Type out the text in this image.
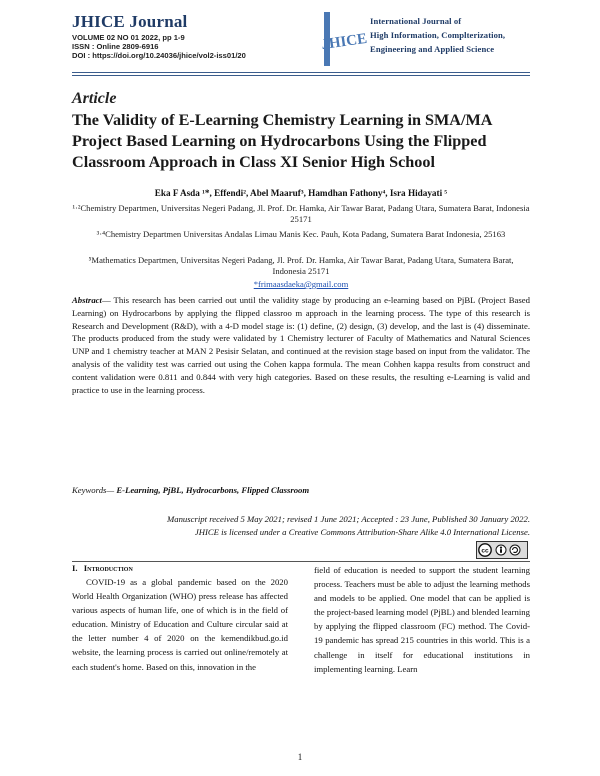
JHICE Journal
VOLUME 02 NO 01 2022, pp 1-9
ISSN : Online 2809-6916
DOI : https://doi.org/10.24036/jhice/vol2-iss01/20
JHICE
International Journal of
High Information, Complterization,
Engineering and Applied Science
Article
The Validity of E-Learning Chemistry Learning in SMA/MA Project Based Learning on Hydrocarbons Using the Flipped Classroom Approach in Class XI Senior High School
Eka F Asda ¹*, Effendi², Abel Maaruf³, Hamdhan Fathony⁴, Isra Hidayati ⁵
¹·²Chemistry Departmen, Universitas Negeri Padang, Jl. Prof. Dr. Hamka, Air Tawar Barat, Padang Utara, Sumatera Barat, Indonesia 25171
³·⁴Chemistry Departmen Universitas Andalas Limau Manis Kec. Pauh, Kota Padang, Sumatera Barat Indonesia, 25163
⁵Mathematics Departmen, Universitas Negeri Padang, Jl. Prof. Dr. Hamka, Air Tawar Barat, Padang Utara, Sumatera Barat, Indonesia 25171
*frimaasdaeka@gmail.com
Abstract— This research has been carried out until the validity stage by producing an e-learning based on PjBL (Project Based Learning) on Hydrocarbons by applying the flipped classroo m approach in the learning process. The type of this research is Research and Development (R&D), with a 4-D model stage is: (1) define, (2) design, (3) develop, and the last is (4) disseminate. The products produced from the study were validated by 1 Chemistry lecturer of Faculty of Mathematics and Natural Sciences UNP and 1 chemistry teacher at MAN 2 Pesisir Selatan, and continued at the revision stage based on input from the validator. The analysis of the validity test was carried out using the Cohen kappa formula. The mean Cohhen kappa results from construct and content validation were 0.811 and 0.844 with very high categories. Based on these results, the resulting e-Learning is valid and practice to use in the learning process.
Keywords— E-Learning, PjBL, Hydrocarbons, Flipped Classroom
Manuscript received 5 May 2021; revised 1 June 2021; Accepted : 23 June, Published 30 January 2022.
JHICE is licensed under a Creative Commons Attribution-Share Alike 4.0 International License.
cc
I. Introduction
COVID-19 as a global pandemic based on the 2020 World Health Organization (WHO) press release has affected various aspects of human life, one of which is in the field of education. Ministry of Education and Culture circular said at the letter number 4 of 2020 on the kemendikbud.go.id website, the learning process is carried out online/remotely at each student's home. Based on this, innovation in the
field of education is needed to support the student learning process. Teachers must be able to adjust the learning methods and models to be applied. One model that can be applied is the project-based learning model (PjBL) and blended learning by applying the flipped classroom (FC) method. The Covid-19 pandemic has spread 215 countries in this world. This is a challenge in itself for educational institutions in implementing learning. Learn
1
